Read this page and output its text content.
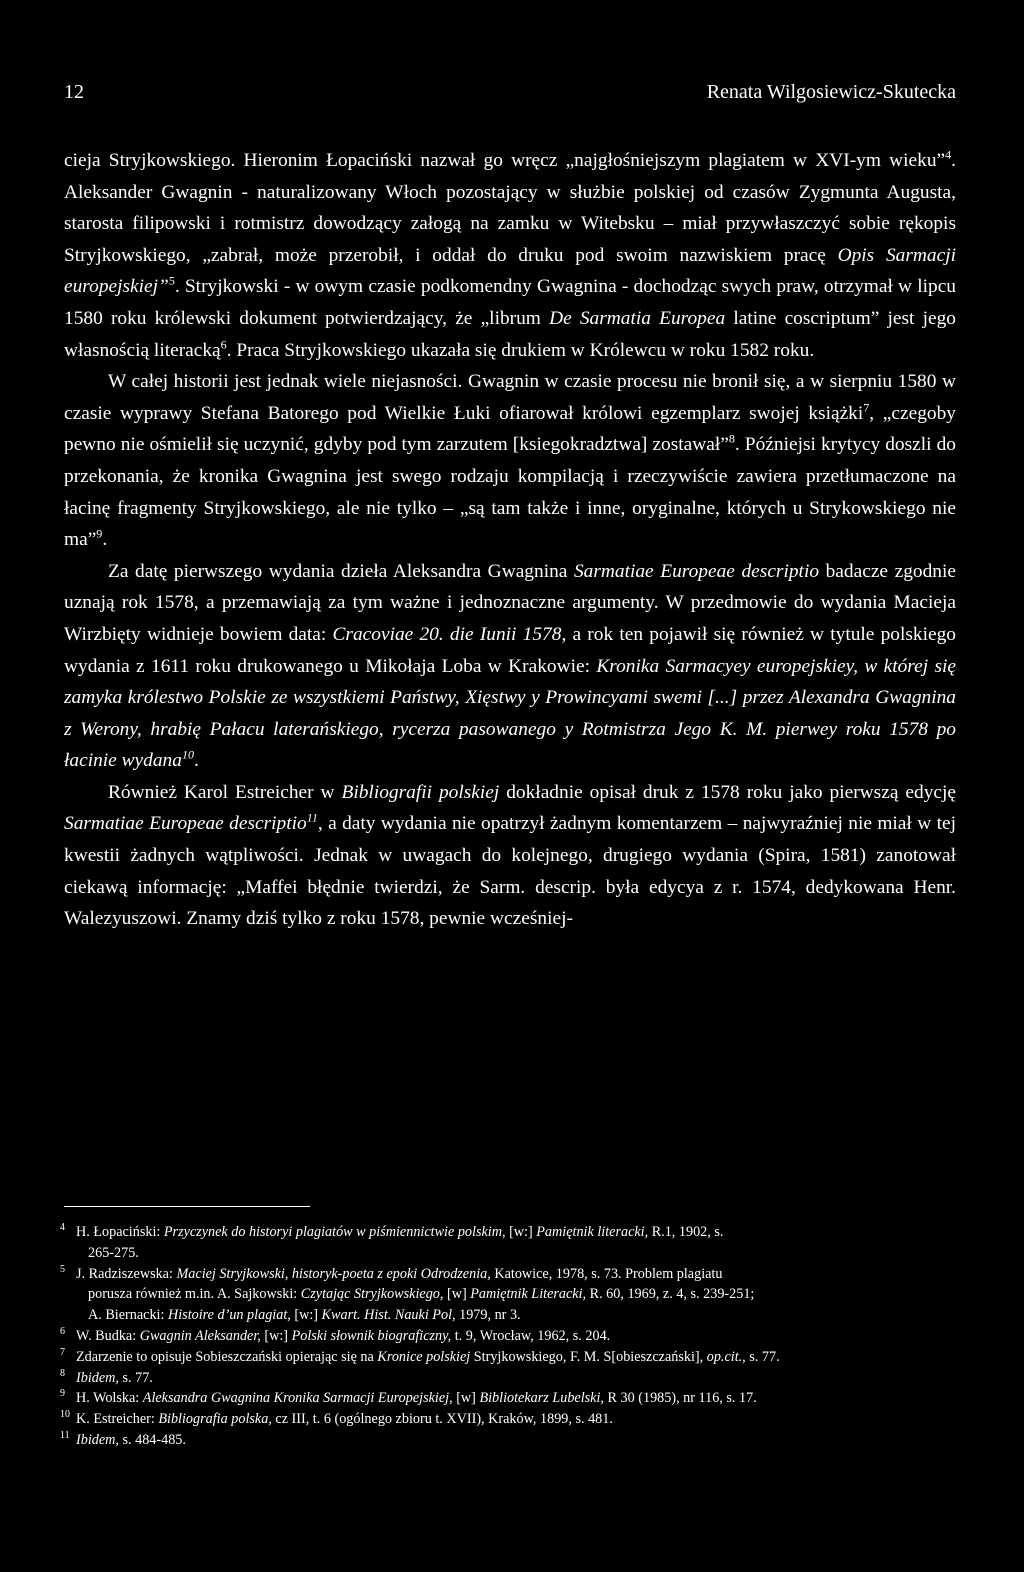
12	Renata Wilgosiewicz-Skutecka

cieja Stryjkowskiego. Hieronim Łopaciński nazwał go wręcz „najgłośniejszym plagiatem w XVI-ym wieku”$^4$. Aleksander Gwagnin - naturalizowany Włoch pozostający w służbie polskiej od czasów Zygmunta Augusta, starosta filipowski i rotmistrz dowodzący załogą na zamku w Witebsku – miał przywłaszczyć sobie rękopis Stryjkowskiego, „zabrał, może przerobił, i oddał do druku pod swoim nazwiskiem pracę Opis Sarmacji europejskiej”$^5$. Stryjkowski - w owym czasie podkomendny Gwagnina - dochodząc swych praw, otrzymał w lipcu 1580 roku królewski dokument potwierdzający, że „librum De Sarmatia Europea latine coscriptum” jest jego własnością literacką$^6$. Praca Stryjkowskiego ukazała się drukiem w Królewcu w roku 1582 roku.

W całej historii jest jednak wiele niejasności. Gwagnin w czasie procesu nie bronił się, a w sierpniu 1580 w czasie wyprawy Stefana Batorego pod Wielkie Łuki ofiarował królowi egzemplarz swojej książki$^7$, „czegoby pewno nie ośmielił się uczynić, gdyby pod tym zarzutem [ksiegokradztwa] zostawał”$^8$. Późniejsi krytycy doszli do przekonania, że kronika Gwagnina jest swego rodzaju kompilacją i rzeczywiście zawiera przetłumaczone na łacinę fragmenty Stryjkowskiego, ale nie tylko – „są tam także i inne, oryginalne, których u Strykowskiego nie ma”$^9$.

Za datę pierwszego wydania dzieła Aleksandra Gwagnina Sarmatiae Europeae descriptio badacze zgodnie uznają rok 1578, a przemawiają za tym ważne i jednoznaczne argumenty. W przedmowie do wydania Macieja Wirzbięty widnieje bowiem data: Cracoviae 20. die Iunii 1578, a rok ten pojawił się również w tytule polskiego wydania z 1611 roku drukowanego u Mikołaja Loba w Krakowie: Kronika Sarmacyey europejskiey, w której się zamyka królestwo Polskie ze wszystkiemi Państwy, Xięstwy y Prowincyami swemi [...] przez Alexandra Gwagnina z Werony, hrabię Pałacu laterańskiego, rycerza pasowanego y Rotmistrza Jego K. M. pierwey roku 1578 po łacinie wydana$^{10}$.

Również Karol Estreicher w Bibliografii polskiej dokładnie opisał druk z 1578 roku jako pierwszą edycję Sarmatiae Europeae descriptio$^{11}$, a daty wydania nie opatrzył żadnym komentarzem – najwyraźniej nie miał w tej kwestii żadnych wątpliwości. Jednak w uwagach do kolejnego, drugiego wydania (Spira, 1581) zanotował ciekawą informację: „Maffei błędnie twierdzi, że Sarm. descrip. była edycya z r. 1574, dedykowana Henr. Walezyuszowi. Znamy dziś tylko z roku 1578, pewnie wcześniej-

4 H. Łopaciński: Przyczynek do historyi plagiatów w piśmiennictwie polskim, [w:] Pamiętnik literacki, R.1, 1902, s.
265-275.
5 J. Radziszewska: Maciej Stryjkowski, historyk-poeta z epoki Odrodzenia, Katowice, 1978, s. 73. Problem plagiatu
porusza również m.in. A. Sajkowski: Czytając Stryjkowskiego, [w] Pamiętnik Literacki, R. 60, 1969, z. 4, s. 239-251;
A. Biernacki: Histoire d’un plagiat, [w:] Kwart. Hist. Nauki Pol, 1979, nr 3.
6 W. Budka: Gwagnin Aleksander, [w:] Polski słownik biograficzny, t. 9, Wrocław, 1962, s. 204.
7 Zdarzenie to opisuje Sobieszczański opierając się na Kronice polskiej Stryjkowskiego, F. M. S[obieszczański], op.cit., s. 77.
8 Ibidem, s. 77.
9 H. Wolska: Aleksandra Gwagnina Kronika Sarmacji Europejskiej, [w] Bibliotekarz Lubelski, R 30 (1985), nr 116, s. 17.
10 K. Estreicher: Bibliografia polska, cz III, t. 6 (ogólnego zbioru t. XVII), Kraków, 1899, s. 481.
11 Ibidem, s. 484-485.
